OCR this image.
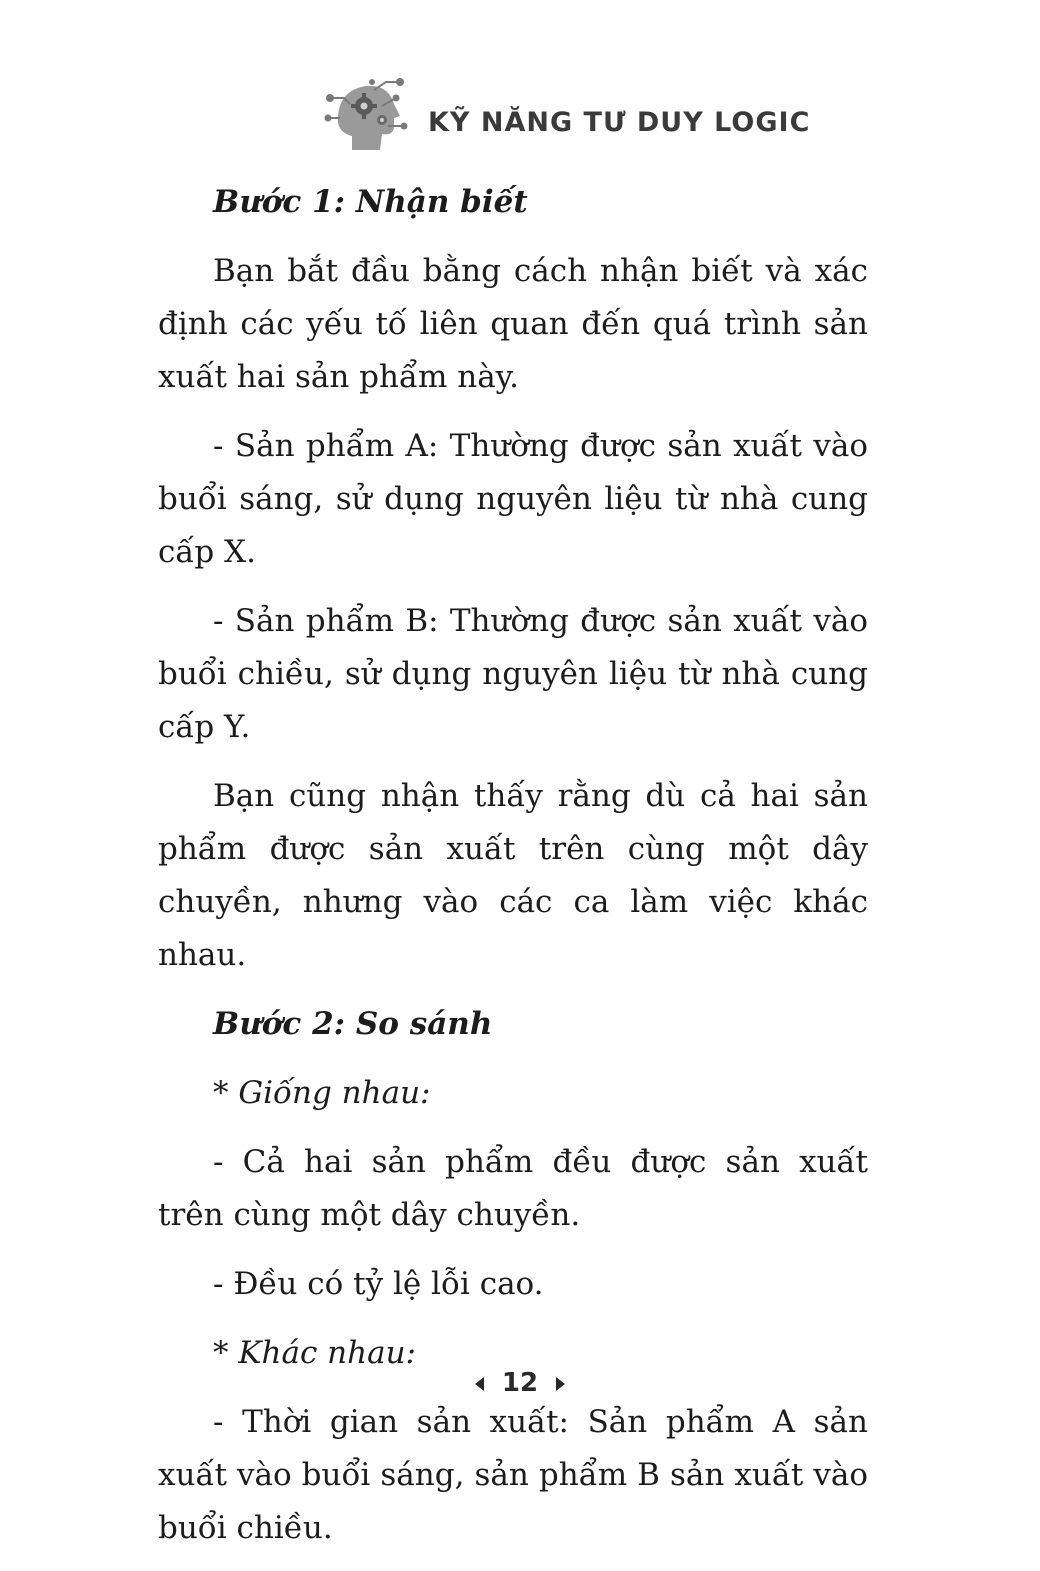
KỸ NĂNG TƯ DUY LOGIC

Bước 1: Nhận biết

Bạn bắt đầu bằng cách nhận biết và xác định các yếu tố liên quan đến quá trình sản xuất hai sản phẩm này.

- Sản phẩm A: Thường được sản xuất vào buổi sáng, sử dụng nguyên liệu từ nhà cung cấp X.

- Sản phẩm B: Thường được sản xuất vào buổi chiều, sử dụng nguyên liệu từ nhà cung cấp Y.

Bạn cũng nhận thấy rằng dù cả hai sản phẩm được sản xuất trên cùng một dây chuyền, nhưng vào các ca làm việc khác nhau.

Bước 2: So sánh

* Giống nhau:

- Cả hai sản phẩm đều được sản xuất trên cùng một dây chuyền.

- Đều có tỷ lệ lỗi cao.

* Khác nhau:

- Thời gian sản xuất: Sản phẩm A sản xuất vào buổi sáng, sản phẩm B sản xuất vào buổi chiều.

12
